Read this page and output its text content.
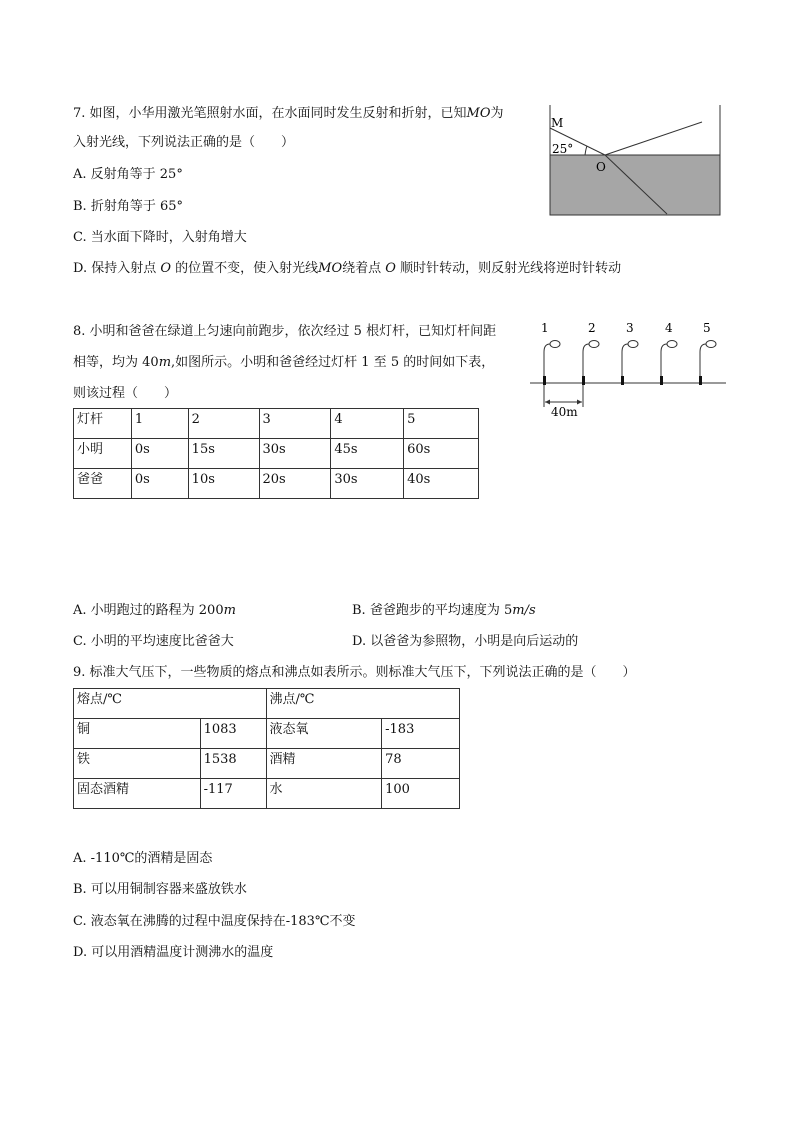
7. 如图，小华用激光笔照射水面，在水面同时发生反射和折射，已知MO为
入射光线，下列说法正确的是（　　）
A. 反射角等于 25°
B. 折射角等于 65°
C. 当水面下降时，入射角增大
D. 保持入射点 O 的位置不变，使入射光线MO绕着点 O 顺时针转动，则反射光线将逆时针转动
M
25°
O
8. 小明和爸爸在绿道上匀速向前跑步，依次经过 5 根灯杆，已知灯杆间距
相等，均为 40m,如图所示。小明和爸爸经过灯杆 1 至 5 的时间如下表，
则该过程（　　）
1	2	3	4	5
40m
灯杆	1	2	3	4	5
小明	0s	15s	30s	45s	60s
爸爸	0s	10s	20s	30s	40s
A. 小明跑过的路程为 200m	B. 爸爸跑步的平均速度为 5m/s
C. 小明的平均速度比爸爸大	D. 以爸爸为参照物，小明是向后运动的
9. 标准大气压下，一些物质的熔点和沸点如表所示。则标准大气压下，下列说法正确的是（　　）
熔点/℃		沸点/℃	
铜	1083	液态氧	-183
铁	1538	酒精	78
固态酒精	-117	水	100
A. -110℃的酒精是固态
B. 可以用铜制容器来盛放铁水
C. 液态氧在沸腾的过程中温度保持在-183℃不变
D. 可以用酒精温度计测沸水的温度
